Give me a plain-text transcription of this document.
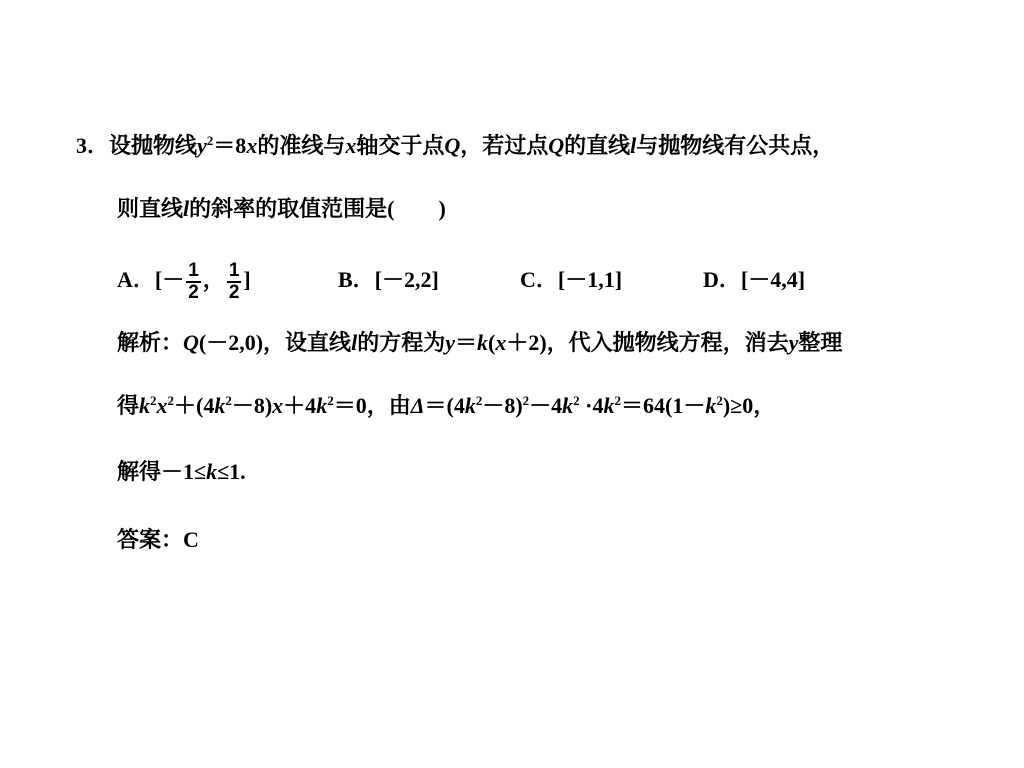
3．设抛物线$y^2=8x$的准线与x轴交于点Q，若过点Q的直线l与抛物线有公共点，
则直线l的斜率的取值范围是(　　)
A．[－ $\frac{1}{2}$ ， $\frac{1}{2}$ ]	B．[－2,2]	C．[－1,1]	D．[－4,4]
解析：Q(－2,0)，设直线l的方程为y＝k(x＋2)，代入抛物线方程，消去y整理
得$k^2x^2+(4k^2-8)x+4k^2=0$，由$\Delta=(4k^2-8)^2-4k^2 \cdot 4k^2=64(1-k^2)\ge 0$，
解得－1≤k≤1.
答案：C
